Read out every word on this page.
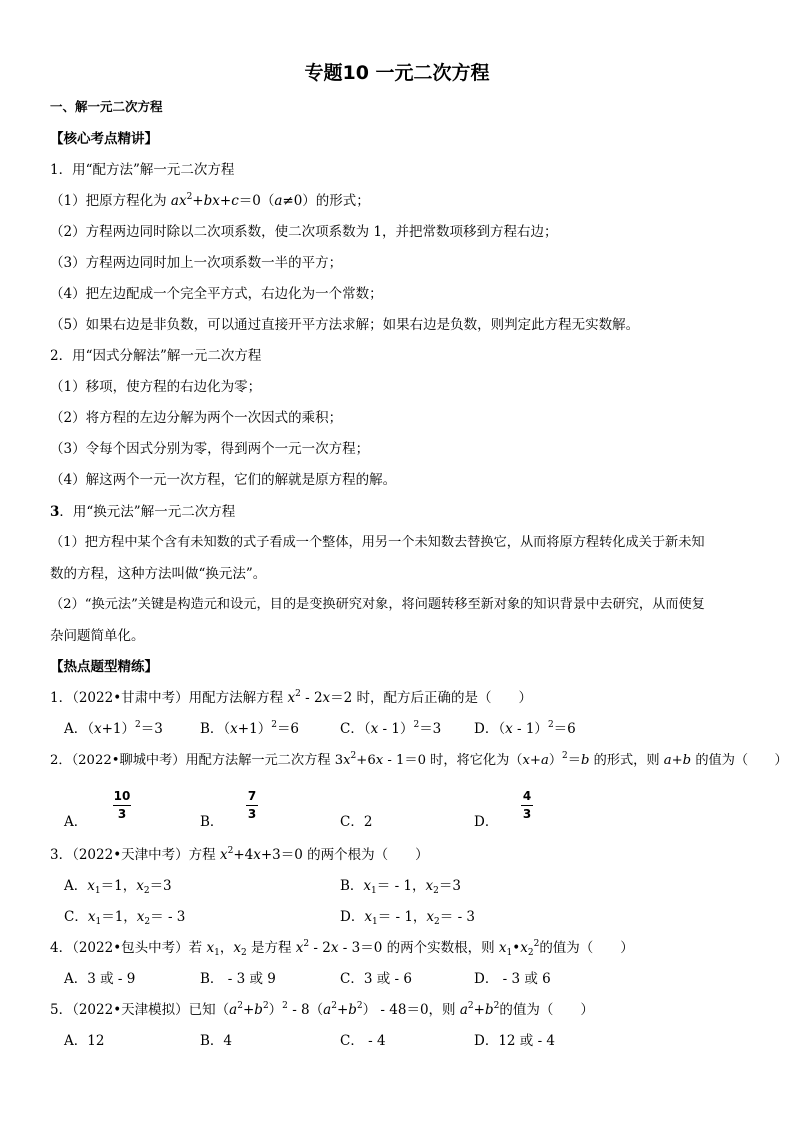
专题10 一元二次方程
一、解一元二次方程
【核心考点精讲】
1．用“配方法”解一元二次方程
（1）把原方程化为 $ax^2+bx+c=0(a\ne 0)$的形式；
（2）方程两边同时除以二次项系数，使二次项系数为 1，并把常数项移到方程右边；
（3）方程两边同时加上一次项系数一半的平方；
（4）把左边配成一个完全平方式，右边化为一个常数；
（5）如果右边是非负数，可以通过直接开平方法求解；如果右边是负数，则判定此方程无实数解。
2．用“因式分解法”解一元二次方程
（1）移项，使方程的右边化为零；
（2）将方程的左边分解为两个一次因式的乘积；
（3）令每个因式分别为零，得到两个一元一次方程；
（4）解这两个一元一次方程，它们的解就是原方程的解。
3．用“换元法”解一元二次方程
（1）把方程中某个含有未知数的式子看成一个整体，用另一个未知数去替换它，从而将原方程转化成关于新未知
数的方程，这种方法叫做“换元法”。
（2）“换元法”关键是构造元和设元，目的是变换研究对象，将问题转移至新对象的知识背景中去研究，从而使复
杂问题简单化。
【热点题型精练】
1．（2022•甘肃中考）用配方法解方程 $x^2 - 2x=2$ 时，配方后正确的是（　　）
A．$(x+1)^2=3$	B．$(x+1)^2=6$	C．（x - 1）$^2$＝3 D．（x - 1）$^2$＝6
2．（2022•聊城中考）用配方法解一元二次方程 $3x^2+6x - 1=0$ 时，将它化为$(x+a)^2=b$ 的形式，则 a+b 的值为（　　）
A．
10
3	B．
7
3	C．2	D．
4
3
3．（2022•天津中考）方程 $x^2+4x+3=0$ 的两个根为（　　）
A．$x_1=1$，$x_2=3$	B．$x_1= - 1$，$x_2=3$
C．$x_1=1$，$x_2= - 3$	D．$x_1= - 1$，$x_2= - 3$
4．（2022•包头中考）若 $x_1$，$x_2$ 是方程 $x^2 - 2x - 3=0$ 的两个实数根，则 $x_1•x_2^2$的值为（　　）
A．3 或 - 9	B． - 3 或 9	C．3 或 - 6	D． - 3 或 6
5．（2022•天津模拟）已知$(a^2+b^2)^2 - 8(a^2+b^2) - 48=0$，则 $a^2+b^2$的值为（　　）
A．12	B．4	C． - 4	D．12 或 - 4
